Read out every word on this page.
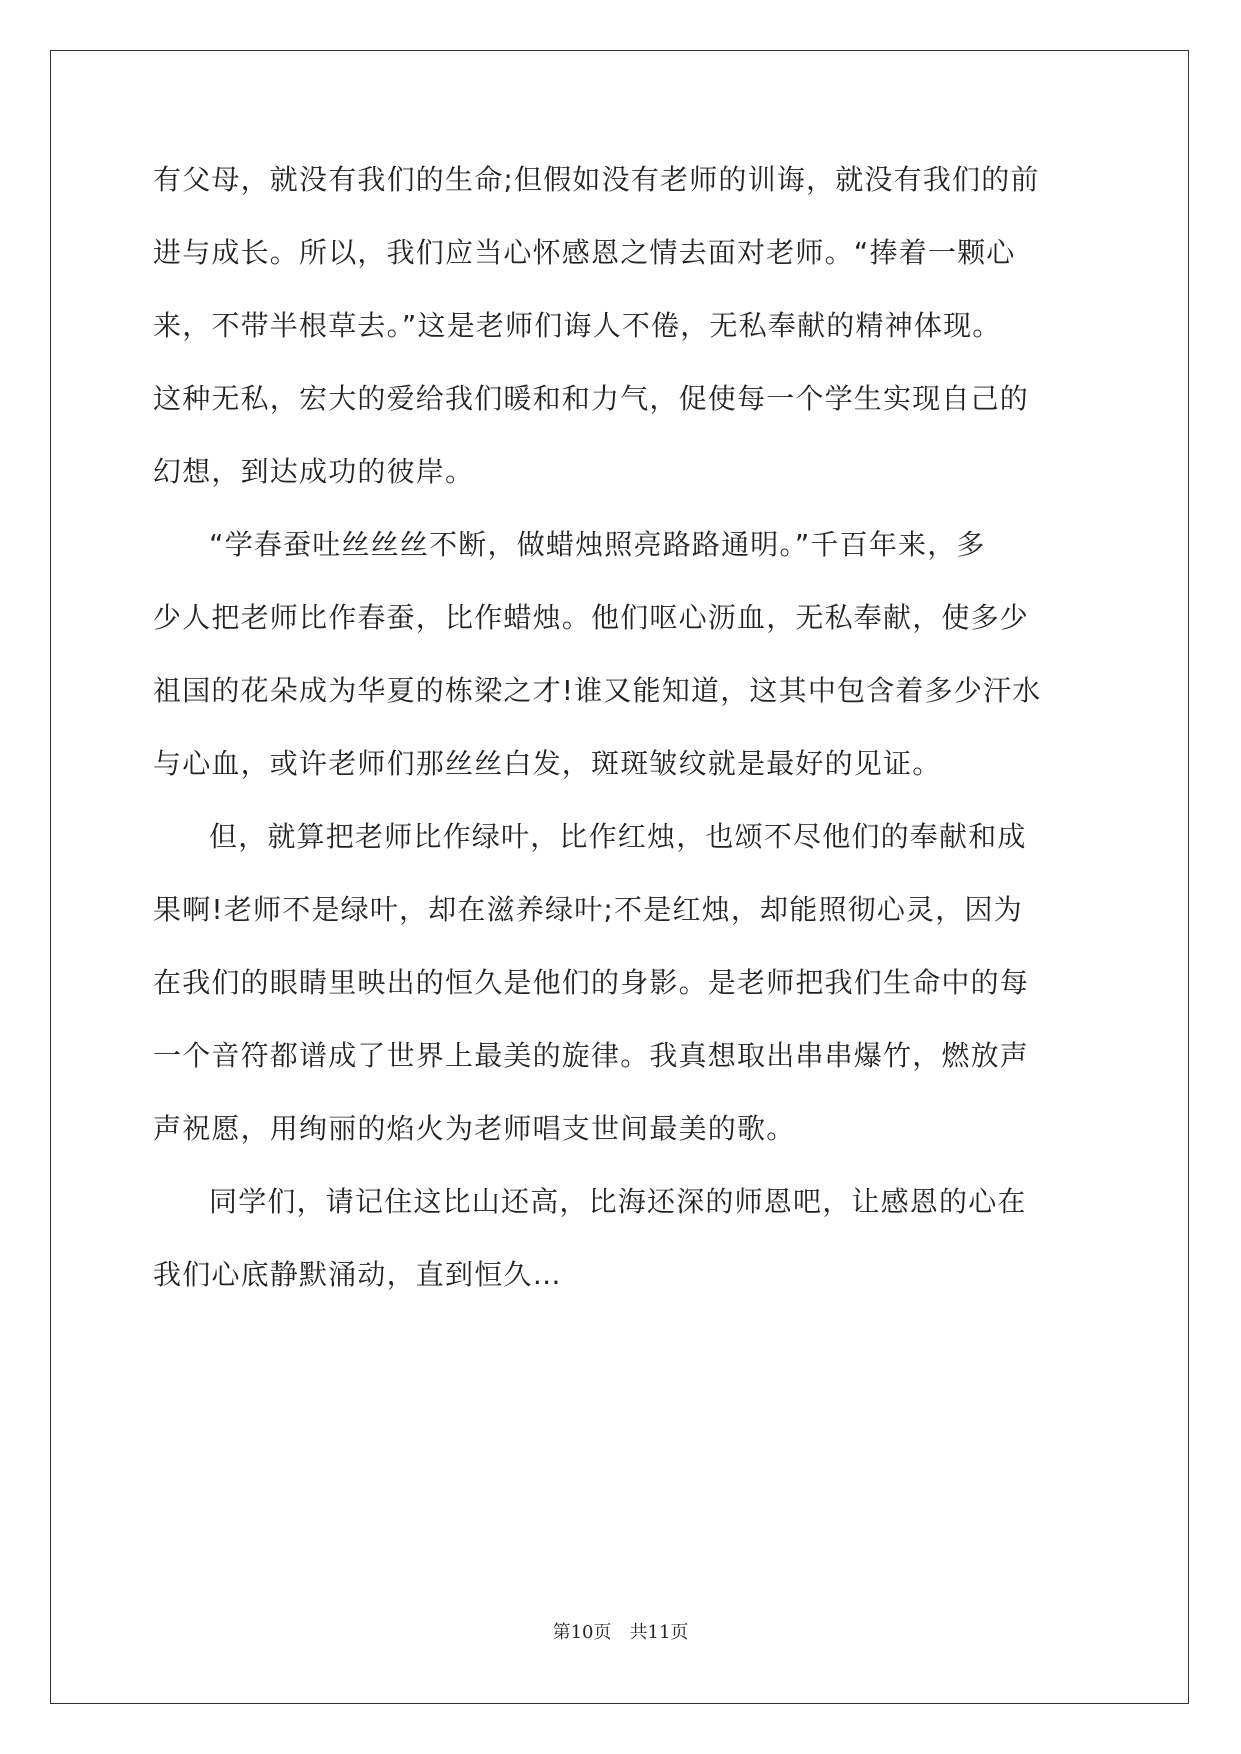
有父母，就没有我们的生命;但假如没有老师的训诲，就没有我们的前
进与成长。所以，我们应当心怀感恩之情去面对老师。“捧着一颗心
来，不带半根草去。”这是老师们诲人不倦，无私奉献的精神体现。
这种无私，宏大的爱给我们暖和和力气，促使每一个学生实现自己的
幻想，到达成功的彼岸。
“学春蚕吐丝丝丝不断，做蜡烛照亮路路通明。”千百年来，多
少人把老师比作春蚕，比作蜡烛。他们呕心沥血，无私奉献，使多少
祖国的花朵成为华夏的栋梁之才!谁又能知道，这其中包含着多少汗水
与心血，或许老师们那丝丝白发，斑斑皱纹就是最好的见证。
但，就算把老师比作绿叶，比作红烛，也颂不尽他们的奉献和成
果啊!老师不是绿叶，却在滋养绿叶;不是红烛，却能照彻心灵，因为
在我们的眼睛里映出的恒久是他们的身影。是老师把我们生命中的每
一个音符都谱成了世界上最美的旋律。我真想取出串串爆竹，燃放声
声祝愿，用绚丽的焰火为老师唱支世间最美的歌。
同学们，请记住这比山还高，比海还深的师恩吧，让感恩的心在
我们心底静默涌动，直到恒久…
第10页　共11页
